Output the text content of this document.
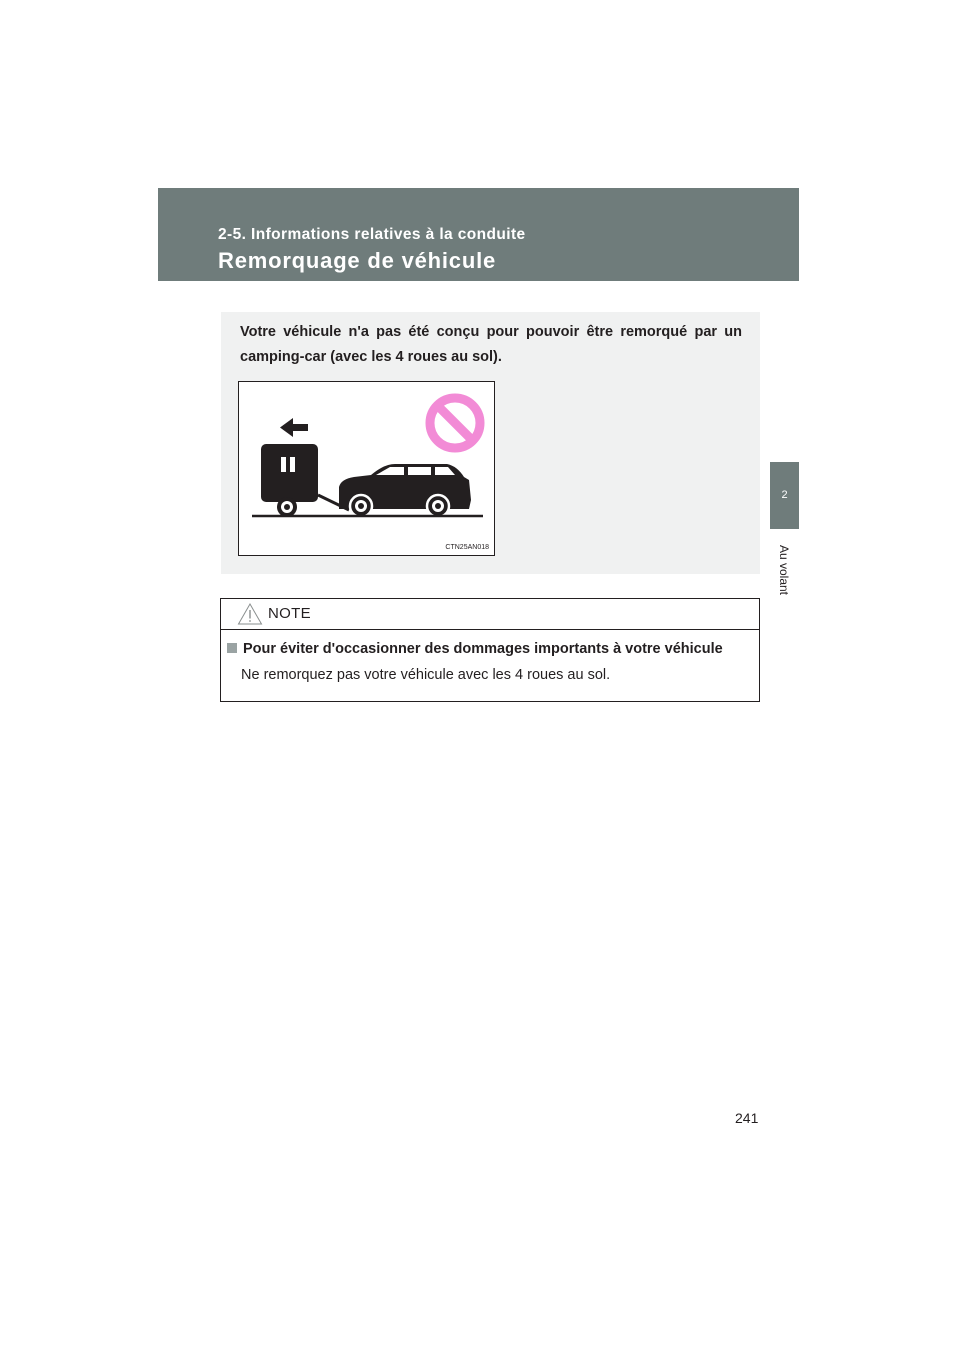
2-5. Informations relatives à la conduite
Remorquage de véhicule
2
Au volant

Votre véhicule n'a pas été conçu pour pouvoir être remorqué par un camping-car (avec les 4 roues au sol).

CTN25AN018
NOTE
Pour éviter d'occasionner des dommages importants à votre véhicule
Ne remorquez pas votre véhicule avec les 4 roues au sol.
241
